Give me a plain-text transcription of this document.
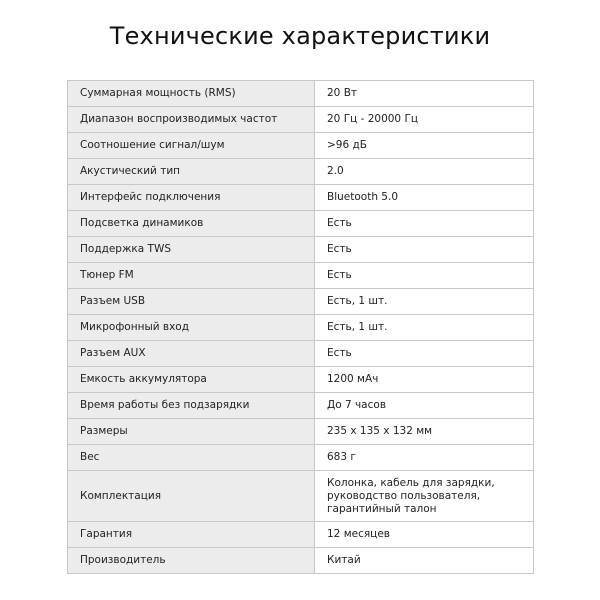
Технические характеристики
Суммарная мощность (RMS)	20 Вт
Диапазон воспроизводимых частот	20 Гц - 20000 Гц
Соотношение сигнал/шум	>96 дБ
Акустический тип	2.0
Интерфейс подключения	Bluetooth 5.0
Подсветка динамиков	Есть
Поддержка TWS	Есть
Тюнер FM	Есть
Разъем USB	Есть, 1 шт.
Микрофонный вход	Есть, 1 шт.
Разъем AUX	Есть
Емкость аккумулятора	1200 мАч
Время работы без подзарядки	До 7 часов
Размеры	235 x 135 x 132 мм
Вес	683 г
Комплектация	Колонка, кабель для зарядки, руководство пользователя, гарантийный талон
Гарантия	12 месяцев
Производитель	Китай
